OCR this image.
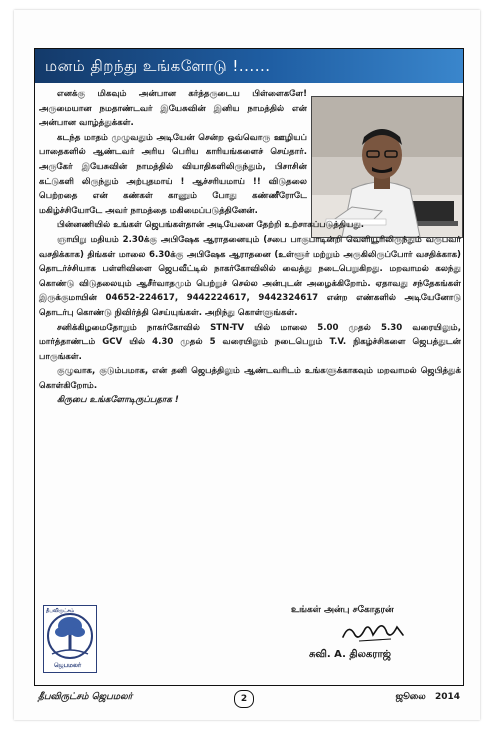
மனம் திறந்து உங்களோடு !......

எனக்கு மிகவும் அன்பான கர்த்தருடைய பிள்ளைகளே! அருமையான நமதாண்டவர் இயேசுவின் இனிய நாமத்தில் என் அன்பான வாழ்த்துக்கள்.

கடந்த மாதம் முழுவதும் அடியேன் சென்ற ஒவ்வொரு ஊழியப் பாதைகளில் ஆண்டவர் அரிய பெரிய காரியங்களைச் செய்தார். அருகேர் இயேசுவின் நாமத்தில் வியாதிகளிலிருந்தும், பிசாசின் கட்டுகளி லிருந்தும் அற்புதமாய் ! ஆச்சரியமாய் !! விடுதலை பெற்றதை என் கண்கள் காணும் போது கண்ணீரோடே மகிழ்ச்சியோடே அவர் நாமத்தை மகிமைப்படுத்தினேன்.

பின்னணியில் உங்கள் ஜெபங்கள்தான் அடியேனை தேற்றி உற்சாகப்படுத்தியது.

ஞாயிறு மதியம் 2.30க்கு அபிஷேக ஆராதனையும் (சபை பாகுபாடின்றி வெளியூரிலிருந்தும் வருபவர் வசதிக்காக) திங்கள் மாலை 6.30க்கு அபிஷேக ஆராதனை (உள்ளூர் மற்றும் அருகிலிருப்போர் வசதிக்காக) தொடர்ச்சியாக பள்ளிவிளை ஜெபவீட்டில் நாகர்கோவிலில் வைத்து நடைபெறுகிறது. மறவாமல் கலந்து கொண்டு விடுதலையும் ஆசீர்வாதமும் பெற்றுச் செல்ல அன்புடன் அழைக்கிறோம். ஏதாவது சந்தேகங்கள் இருக்குமாயின் 04652-224617, 9442224617, 9442324617 என்ற எண்களில் அடியேனோடு தொடர்பு கொண்டு நிவிர்த்தி செய்யுங்கள். அறிந்து கொள்ளுங்கள்.

சனிக்கிழமைதோறும் நாகர்கோவில் STN-TV யில் மாலை 5.00 முதல் 5.30 வரையிலும், மார்த்தாண்டம் GCV யில் 4.30 முதல் 5 வரையிலும் நடைபெறும் T.V. நிகழ்ச்சிகளை ஜெபத்துடன் பாருங்கள்.

குழுவாக, குடும்பமாக, என் தனி ஜெபத்திலும் ஆண்டவரிடம் உங்களுக்காகவும் மறவாமல் ஜெபித்துக் கொள்கிறோம்.

கிருபை உங்களோடிருப்பதாக !

தீபவிருட்சம்
ஜெபமலர்
உங்கள் அன்பு சகோதரன்
சுவி. A. திலகராஜ்
தீபவிருட்சம் ஜெபமலர்	2	ஜூலை 2014
